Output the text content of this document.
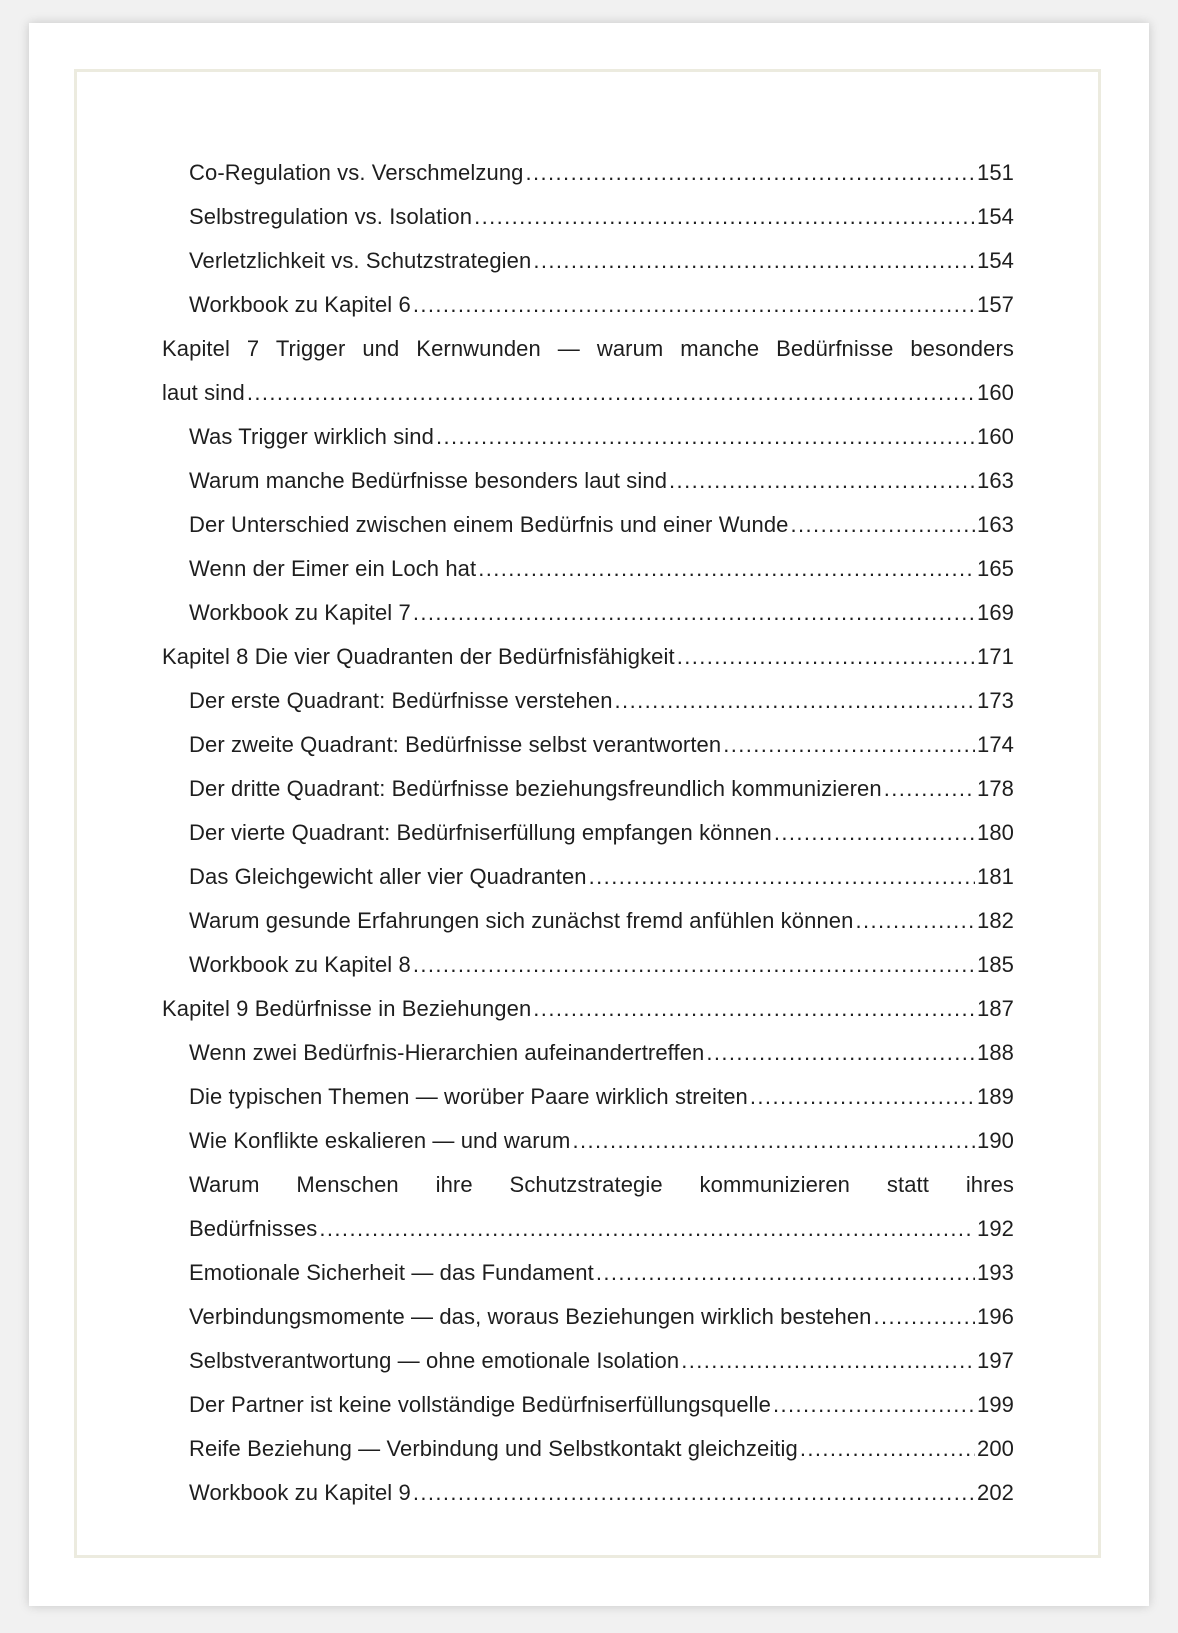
Co-Regulation vs. Verschmelzung .....	151
Selbstregulation vs. Isolation .....	154
Verletzlichkeit vs. Schutzstrategien .....	154
Workbook zu Kapitel 6 .....	157
Kapitel 7 Trigger und Kernwunden — warum manche Bedürfnisse besonders
laut sind .....	160
Was Trigger wirklich sind .....	160
Warum manche Bedürfnisse besonders laut sind .....	163
Der Unterschied zwischen einem Bedürfnis und einer Wunde .....	163
Wenn der Eimer ein Loch hat .....	165
Workbook zu Kapitel 7 .....	169
Kapitel 8 Die vier Quadranten der Bedürfnisfähigkeit .....	171
Der erste Quadrant: Bedürfnisse verstehen .....	173
Der zweite Quadrant: Bedürfnisse selbst verantworten .....	174
Der dritte Quadrant: Bedürfnisse beziehungsfreundlich kommunizieren .....	178
Der vierte Quadrant: Bedürfniserfüllung empfangen können .....	180
Das Gleichgewicht aller vier Quadranten .....	181
Warum gesunde Erfahrungen sich zunächst fremd anfühlen können .....	182
Workbook zu Kapitel 8 .....	185
Kapitel 9 Bedürfnisse in Beziehungen .....	187
Wenn zwei Bedürfnis-Hierarchien aufeinandertreffen .....	188
Die typischen Themen — worüber Paare wirklich streiten .....	189
Wie Konflikte eskalieren — und warum .....	190
Warum Menschen ihre Schutzstrategie kommunizieren statt ihres
Bedürfnisses .....	192
Emotionale Sicherheit — das Fundament .....	193
Verbindungsmomente — das, woraus Beziehungen wirklich bestehen .....	196
Selbstverantwortung — ohne emotionale Isolation .....	197
Der Partner ist keine vollständige Bedürfniserfüllungsquelle .....	199
Reife Beziehung — Verbindung und Selbstkontakt gleichzeitig .....	200
Workbook zu Kapitel 9 .....	202
